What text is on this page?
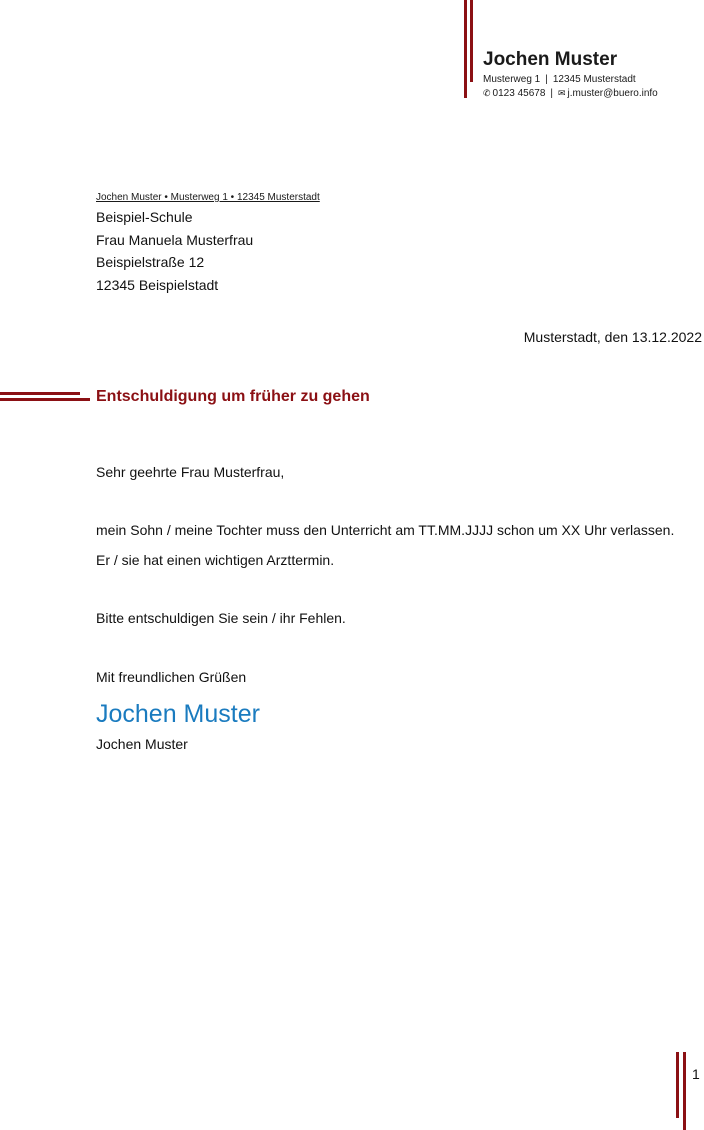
Jochen Muster
Musterweg 1 | 12345 Musterstadt
✆ 0123 45678 | ✉ j.muster@buero.info
Jochen Muster • Musterweg 1 • 12345 Musterstadt
Beispiel-Schule
Frau Manuela Musterfrau
Beispielstraße 12
12345 Beispielstadt
Musterstadt, den 13.12.2022
Entschuldigung um früher zu gehen
Sehr geehrte Frau Musterfrau,
mein Sohn / meine Tochter muss den Unterricht am TT.MM.JJJJ schon um XX Uhr verlassen.
Er / sie hat einen wichtigen Arzttermin.
Bitte entschuldigen Sie sein / ihr Fehlen.
Mit freundlichen Grüßen
Jochen Muster
Jochen Muster
1
